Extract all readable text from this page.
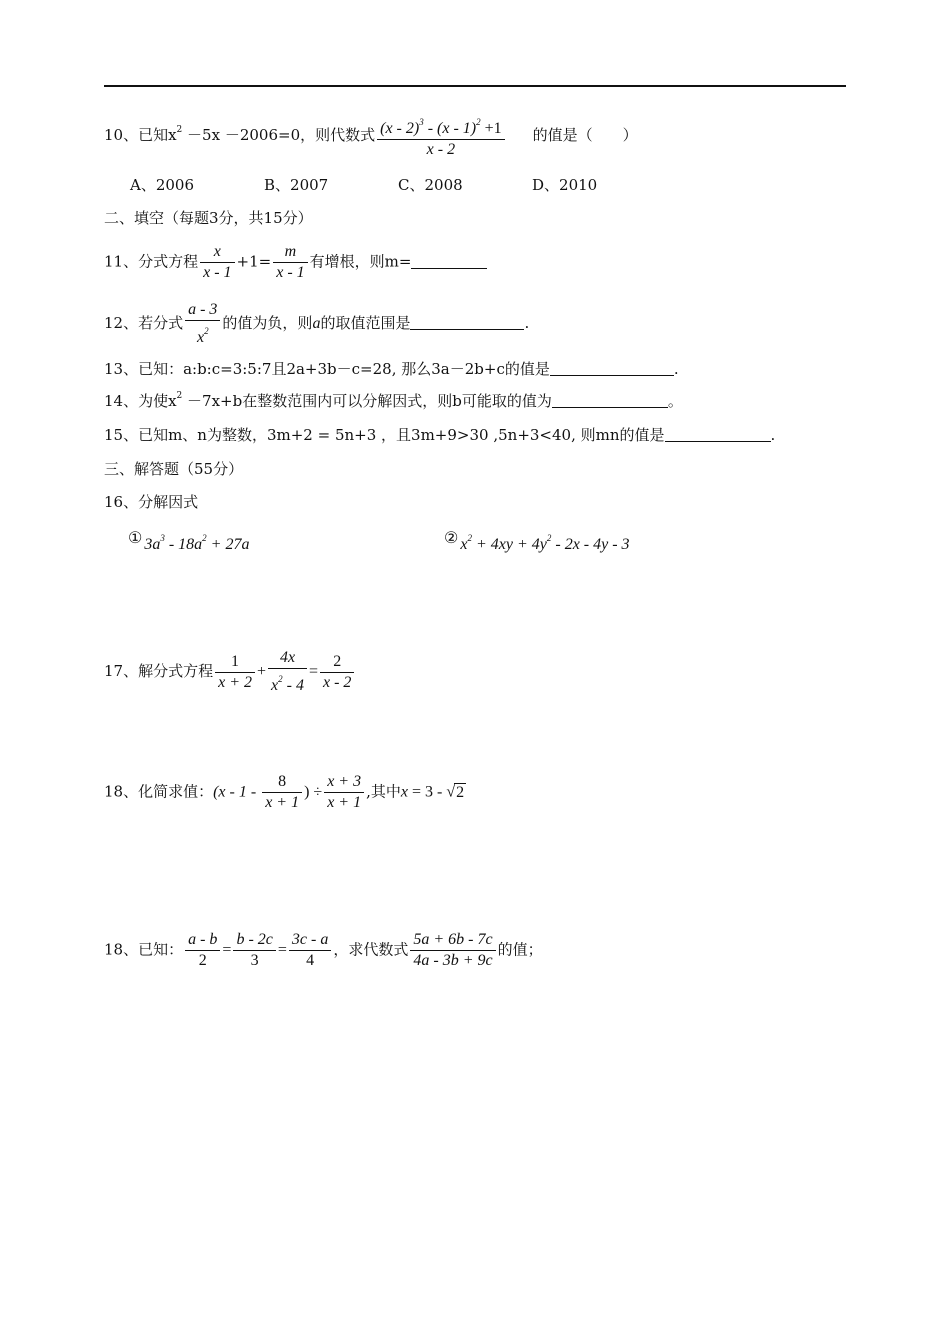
10、已知$x^2 -5x -2006=0$，则代数式 $\frac{(x - 2)^3 - (x - 1)^2 +1}{x - 2}$ 的值是（　　）
A、2006	B、2007	C、2008	D、2010
二、填空（每题3分，共15分）
11、分式方程 $\frac{x}{x - 1} +1= \frac{m}{x - 1}$ 有增根，则m=
12、若分式 $\frac{a - 3}{x^2}$ 的值为负，则a的取值范围是	.
13、已知：a:b:c=3:5:7且2a+3b－c=28, 那么3a－2b+c的值是	.
14、为使$x^2 -7x+b$在整数范围内可以分解因式，则b可能取的值为	。
15、已知m、n为整数，3m+2 = 5n+3 ，且3m+9>30 ,5n+3<40, 则mn的值是	.
三、解答题（55分）
16、分解因式
① $3a^3 - 18a^2 + 27a$	② $x^2 + 4xy + 4y^2 - 2x - 4y - 3$
17、解分式方程 $\frac{1}{x + 2} + \frac{4x}{x^2 - 4} = \frac{2}{x - 2}$
18、化简求值：($x - 1 - \frac{8}{x + 1}$ ) ÷ $\frac{x + 3}{x + 1}$ ,其中x = 3 - √2
18、已知： $\frac{a - b}{2} = \frac{b - 2c}{3} = \frac{3c - a}{4}$ ，求代数式 $\frac{5a + 6b - 7c}{4a - 3b + 9c}$ 的值；
